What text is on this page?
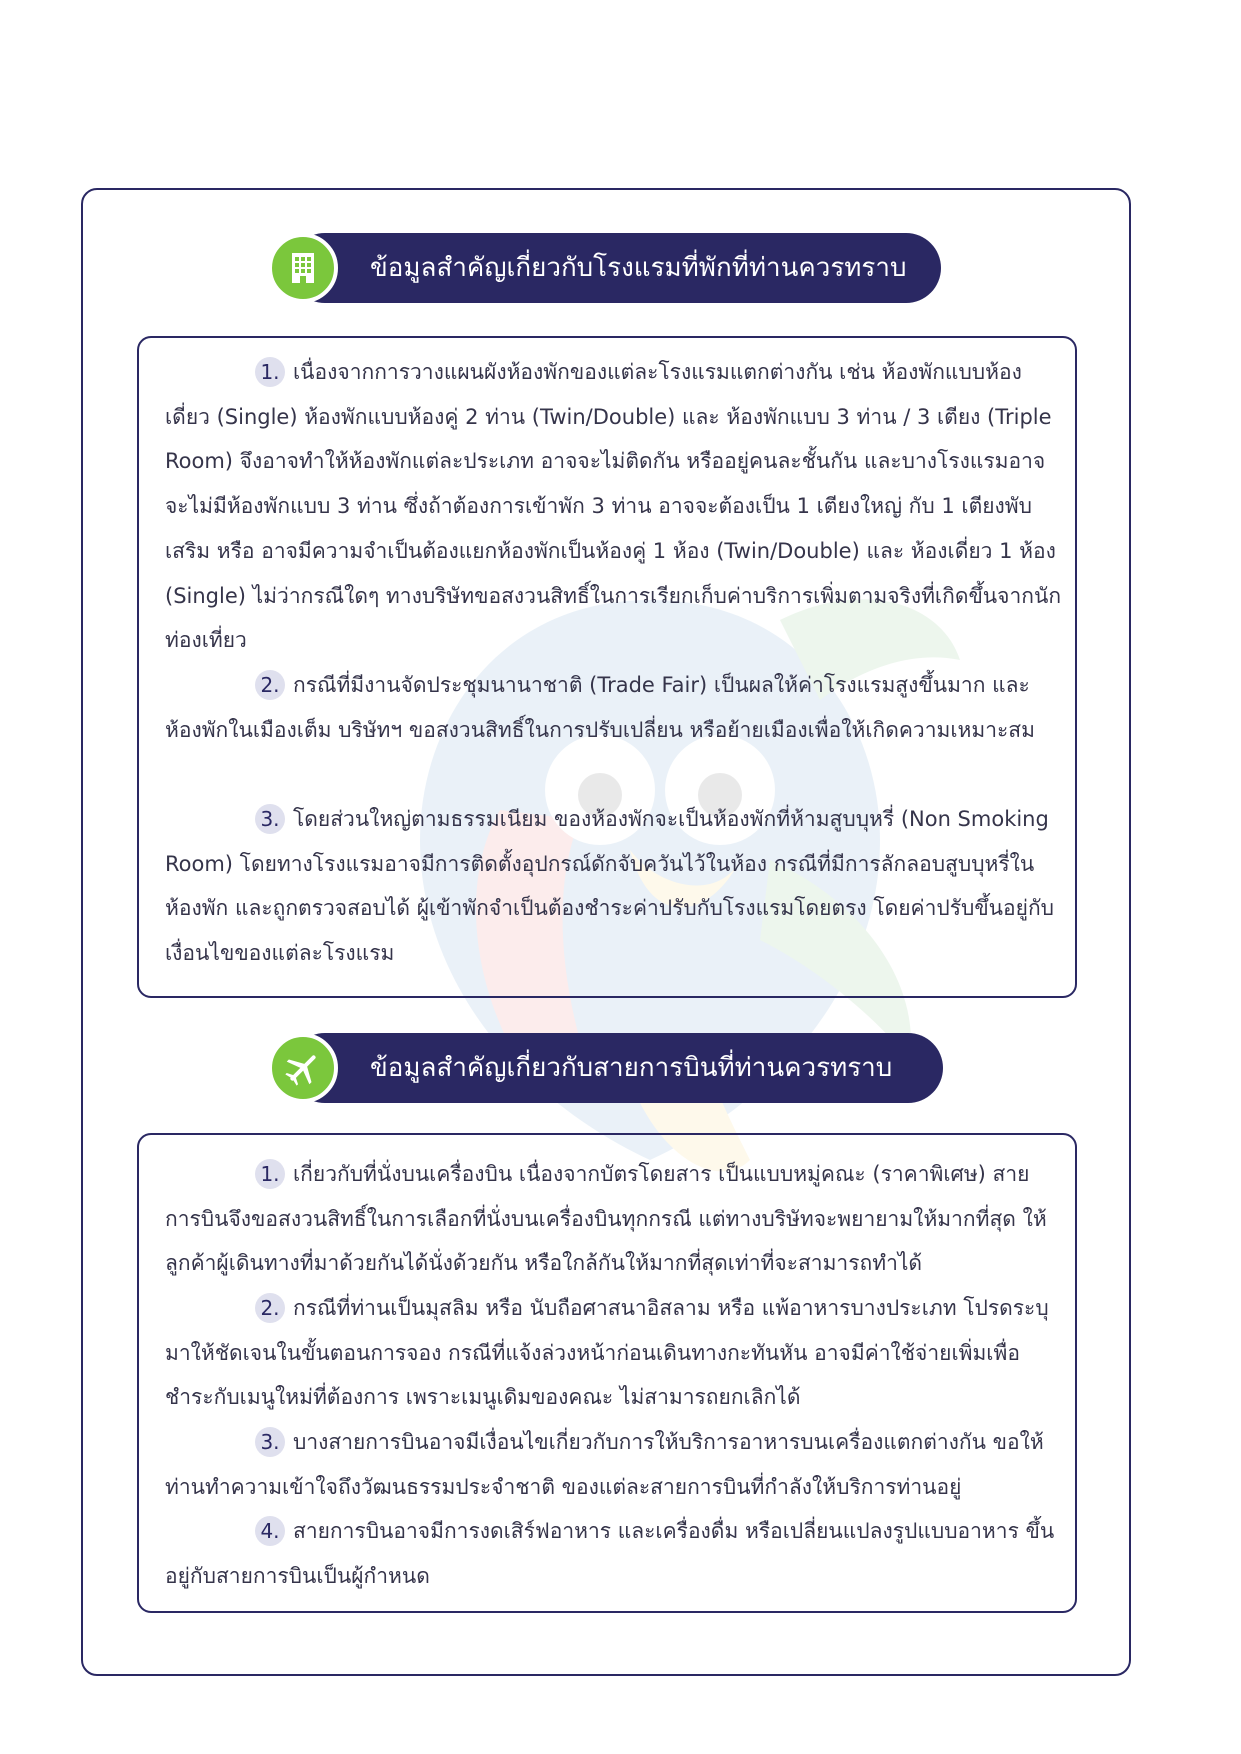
ข้อมูลสำคัญเกี่ยวกับโรงแรมที่พักที่ท่านควรทราบ

1. เนื่องจากการวางแผนผังห้องพักของแต่ละโรงแรมแตกต่างกัน เช่น ห้องพักแบบห้องเดี่ยว (Single) ห้องพักแบบห้องคู่ 2 ท่าน (Twin/Double) และ ห้องพักแบบ 3 ท่าน / 3 เตียง (Triple Room) จึงอาจทำให้ห้องพักแต่ละประเภท อาจจะไม่ติดกัน หรืออยู่คนละชั้นกัน และบางโรงแรมอาจจะไม่มีห้องพักแบบ 3 ท่าน ซึ่งถ้าต้องการเข้าพัก 3 ท่าน อาจจะต้องเป็น 1 เตียงใหญ่ กับ 1 เตียงพับเสริม หรือ อาจมีความจำเป็นต้องแยกห้องพักเป็นห้องคู่ 1 ห้อง (Twin/Double) และ ห้องเดี่ยว 1 ห้อง (Single) ไม่ว่ากรณีใดๆ ทางบริษัทขอสงวนสิทธิ์ในการเรียกเก็บค่าบริการเพิ่มตามจริงที่เกิดขึ้นจากนักท่องเที่ยว

2. กรณีที่มีงานจัดประชุมนานาชาติ (Trade Fair) เป็นผลให้ค่าโรงแรมสูงขึ้นมาก และห้องพักในเมืองเต็ม บริษัทฯ ขอสงวนสิทธิ์ในการปรับเปลี่ยน หรือย้ายเมืองเพื่อให้เกิดความเหมาะสม

3. โดยส่วนใหญ่ตามธรรมเนียม ของห้องพักจะเป็นห้องพักที่ห้ามสูบบุหรี่ (Non Smoking Room) โดยทางโรงแรมอาจมีการติดตั้งอุปกรณ์ดักจับควันไว้ในห้อง กรณีที่มีการลักลอบสูบบุหรี่ในห้องพัก และถูกตรวจสอบได้ ผู้เข้าพักจำเป็นต้องชำระค่าปรับกับโรงแรมโดยตรง โดยค่าปรับขึ้นอยู่กับเงื่อนไขของแต่ละโรงแรม

ข้อมูลสำคัญเกี่ยวกับสายการบินที่ท่านควรทราบ

1. เกี่ยวกับที่นั่งบนเครื่องบิน เนื่องจากบัตรโดยสาร เป็นแบบหมู่คณะ (ราคาพิเศษ) สายการบินจึงขอสงวนสิทธิ์ในการเลือกที่นั่งบนเครื่องบินทุกกรณี แต่ทางบริษัทจะพยายามให้มากที่สุด ให้ลูกค้าผู้เดินทางที่มาด้วยกันได้นั่งด้วยกัน หรือใกล้กันให้มากที่สุดเท่าที่จะสามารถทำได้

2. กรณีที่ท่านเป็นมุสลิม หรือ นับถือศาสนาอิสลาม หรือ แพ้อาหารบางประเภท โปรดระบุมาให้ชัดเจนในขั้นตอนการจอง กรณีที่แจ้งล่วงหน้าก่อนเดินทางกะทันหัน อาจมีค่าใช้จ่ายเพิ่มเพื่อชำระกับเมนูใหม่ที่ต้องการ เพราะเมนูเดิมของคณะ ไม่สามารถยกเลิกได้

3. บางสายการบินอาจมีเงื่อนไขเกี่ยวกับการให้บริการอาหารบนเครื่องแตกต่างกัน ขอให้ท่านทำความเข้าใจถึงวัฒนธรรมประจำชาติ ของแต่ละสายการบินที่กำลังให้บริการท่านอยู่

4. สายการบินอาจมีการงดเสิร์ฟอาหาร และเครื่องดื่ม หรือเปลี่ยนแปลงรูปแบบอาหาร ขึ้นอยู่กับสายการบินเป็นผู้กำหนด
